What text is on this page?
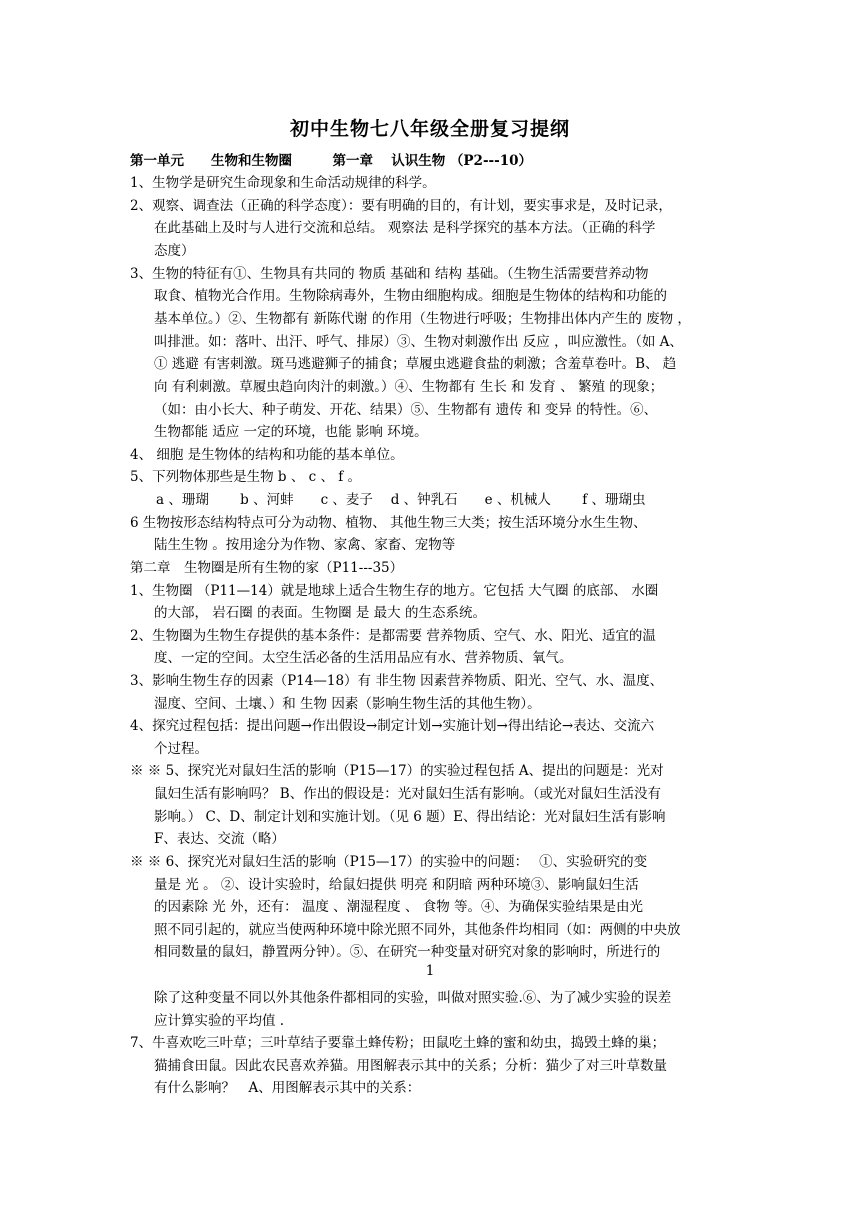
初中生物七八年级全册复习提纲
第一单元　　生物和生物圈　　　第一章　 认识生物 （P2---10）
1、生物学是研究生命现象和生命活动规律的科学。
2、观察、调查法（正确的科学态度）：要有明确的目的，有计划，要实事求是，及时记录，
在此基础上及时与人进行交流和总结。 观察法 是科学探究的基本方法。（正确的科学
态度）
3、生物的特征有①、生物具有共同的 物质 基础和 结构 基础。（生物生活需要营养动物
取食、植物光合作用。生物除病毒外，生物由细胞构成。细胞是生物体的结构和功能的
基本单位。）②、生物都有 新陈代谢 的作用（生物进行呼吸；生物排出体内产生的 废物 ，
叫排泄。如：落叶、出汗、呼气、排尿）③、生物对刺激作出 反应 ，叫应激性。（如 A、
① 逃避 有害刺激。斑马逃避狮子的捕食；草履虫逃避食盐的刺激；含羞草卷叶。B、 趋
向 有利刺激。草履虫趋向肉汁的刺激。）④、生物都有 生长 和 发育 、 繁殖 的现象；
（如：由小长大、种子萌发、开花、结果）⑤、生物都有 遗传 和 变异 的特性。⑥、
生物都能 适应 一定的环境，也能 影响 环境。
4、 细胞 是生物体的结构和功能的基本单位。
5、下列物体那些是生物 b 、 c 、 f 。
a 、珊瑚　　 b 、河蚌　　c 、麦子　 d 、钟乳石　　e 、机械人　　 f 、珊瑚虫
6 生物按形态结构特点可分为动物、植物、 其他生物三大类；按生活环境分水生生物、
陆生生物 。按用途分为作物、家禽、家畜、宠物等
第二章　生物圈是所有生物的家（P11---35）
1、生物圈 （P11—14）就是地球上适合生物生存的地方。它包括 大气圈 的底部、 水圈
的大部， 岩石圈 的表面。生物圈 是 最大 的生态系统。
2、生物圈为生物生存提供的基本条件：是都需要 营养物质、空气、水、阳光、适宜的温
度、一定的空间。太空生活必备的生活用品应有水、营养物质、氧气。
3、影响生物生存的因素（P14—18）有 非生物 因素营养物质、阳光、空气、水、温度、
湿度、空间、土壤、）和 生物 因素（影响生物生活的其他生物）。
4、探究过程包括：提出问题→作出假设→制定计划→实施计划→得出结论→表达、交流六
个过程。
※ ※ 5、探究光对鼠妇生活的影响（P15—17）的实验过程包括 A、提出的问题是：光对
鼠妇生活有影响吗？ B、作出的假设是：光对鼠妇生活有影响。（或光对鼠妇生活没有
影响。） C、D、制定计划和实施计划。（见 6 题）E、得出结论：光对鼠妇生活有影响
F、表达、交流（略）
※ ※ 6、探究光对鼠妇生活的影响（P15—17）的实验中的问题：　 ①、实验研究的变
量是 光 。 ②、设计实验时，给鼠妇提供 明亮 和阴暗 两种环境③、影响鼠妇生活
的因素除 光 外，还有： 温度 、潮湿程度 、 食物 等。④、为确保实验结果是由光
照不同引起的，就应当使两种环境中除光照不同外，其他条件均相同（如：两侧的中央放
相同数量的鼠妇，静置两分钟）。⑤、在研究一种变量对研究对象的影响时，所进行的
1
除了这种变量不同以外其他条件都相同的实验，叫做对照实验.⑥、为了减少实验的误差
应计算实验的平均值 .
7、牛喜欢吃三叶草；三叶草结子要靠土蜂传粉；田鼠吃土蜂的蜜和幼虫，捣毁土蜂的巢；
猫捕食田鼠。因此农民喜欢养猫。用图解表示其中的关系；分析：猫少了对三叶草数量
有什么影响？　A、用图解表示其中的关系：
